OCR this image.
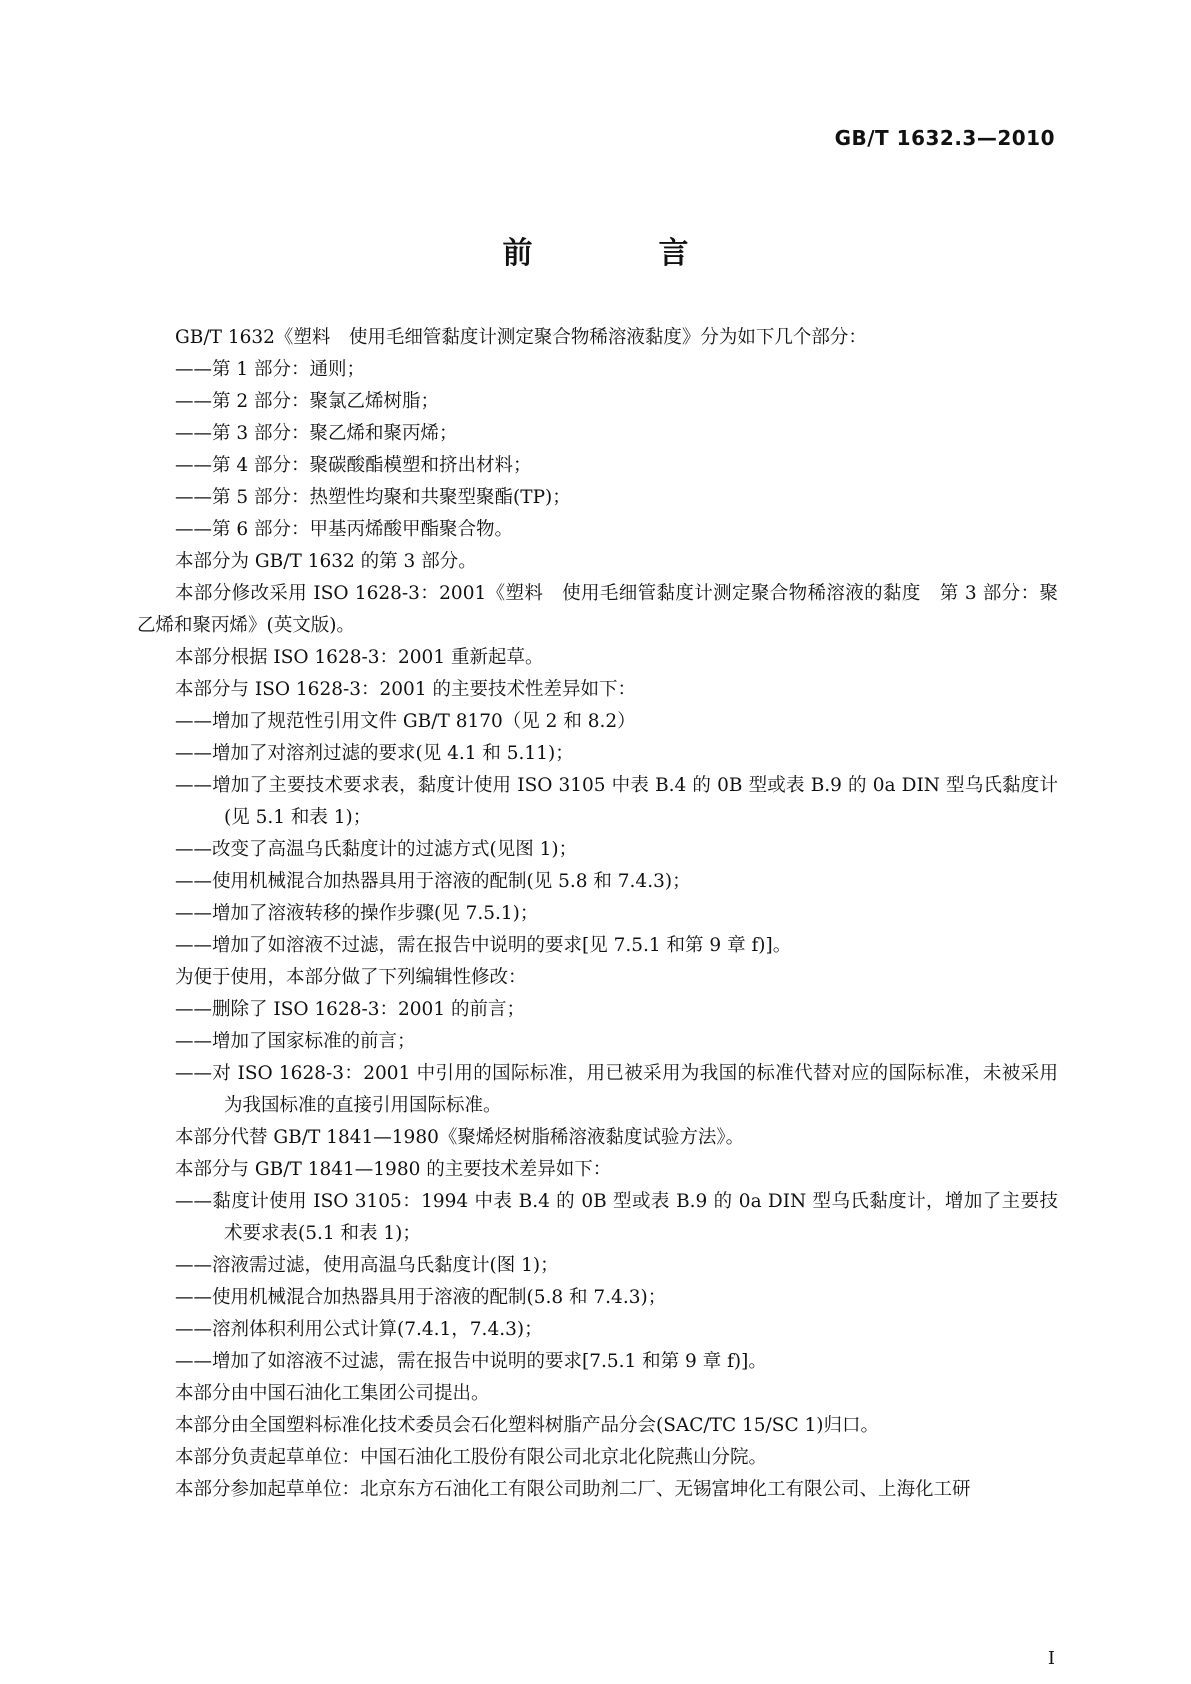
GB/T 1632.3—2010
前　言

GB/T 1632《塑料　使用毛细管黏度计测定聚合物稀溶液黏度》分为如下几个部分：

——第 1 部分：通则；

——第 2 部分：聚氯乙烯树脂；

——第 3 部分：聚乙烯和聚丙烯；

——第 4 部分：聚碳酸酯模塑和挤出材料；

——第 5 部分：热塑性均聚和共聚型聚酯(TP)；

——第 6 部分：甲基丙烯酸甲酯聚合物。

本部分为 GB/T 1632 的第 3 部分。

本部分修改采用 ISO 1628-3：2001《塑料　使用毛细管黏度计测定聚合物稀溶液的黏度　第 3 部分：聚乙烯和聚丙烯》(英文版)。

本部分根据 ISO 1628-3：2001 重新起草。

本部分与 ISO 1628-3：2001 的主要技术性差异如下：

——增加了规范性引用文件 GB/T 8170（见 2 和 8.2）

——增加了对溶剂过滤的要求(见 4.1 和 5.11)；

——增加了主要技术要求表，黏度计使用 ISO 3105 中表 B.4 的 0B 型或表 B.9 的 0a DIN 型乌氏黏度计(见 5.1 和表 1)；

——改变了高温乌氏黏度计的过滤方式(见图 1)；

——使用机械混合加热器具用于溶液的配制(见 5.8 和 7.4.3)；

——增加了溶液转移的操作步骤(见 7.5.1)；

——增加了如溶液不过滤，需在报告中说明的要求[见 7.5.1 和第 9 章 f)]。

为便于使用，本部分做了下列编辑性修改：

——删除了 ISO 1628-3：2001 的前言；

——增加了国家标准的前言；

——对 ISO 1628-3：2001 中引用的国际标准，用已被采用为我国的标准代替对应的国际标准，未被采用为我国标准的直接引用国际标准。

本部分代替 GB/T 1841—1980《聚烯烃树脂稀溶液黏度试验方法》。

本部分与 GB/T 1841—1980 的主要技术差异如下：

——黏度计使用 ISO 3105：1994 中表 B.4 的 0B 型或表 B.9 的 0a DIN 型乌氏黏度计，增加了主要技术要求表(5.1 和表 1)；

——溶液需过滤，使用高温乌氏黏度计(图 1)；

——使用机械混合加热器具用于溶液的配制(5.8 和 7.4.3)；

——溶剂体积利用公式计算(7.4.1，7.4.3)；

——增加了如溶液不过滤，需在报告中说明的要求[7.5.1 和第 9 章 f)]。

本部分由中国石油化工集团公司提出。

本部分由全国塑料标准化技术委员会石化塑料树脂产品分会(SAC/TC 15/SC 1)归口。

本部分负责起草单位：中国石油化工股份有限公司北京北化院燕山分院。

本部分参加起草单位：北京东方石油化工有限公司助剂二厂、无锡富坤化工有限公司、上海化工研

I
